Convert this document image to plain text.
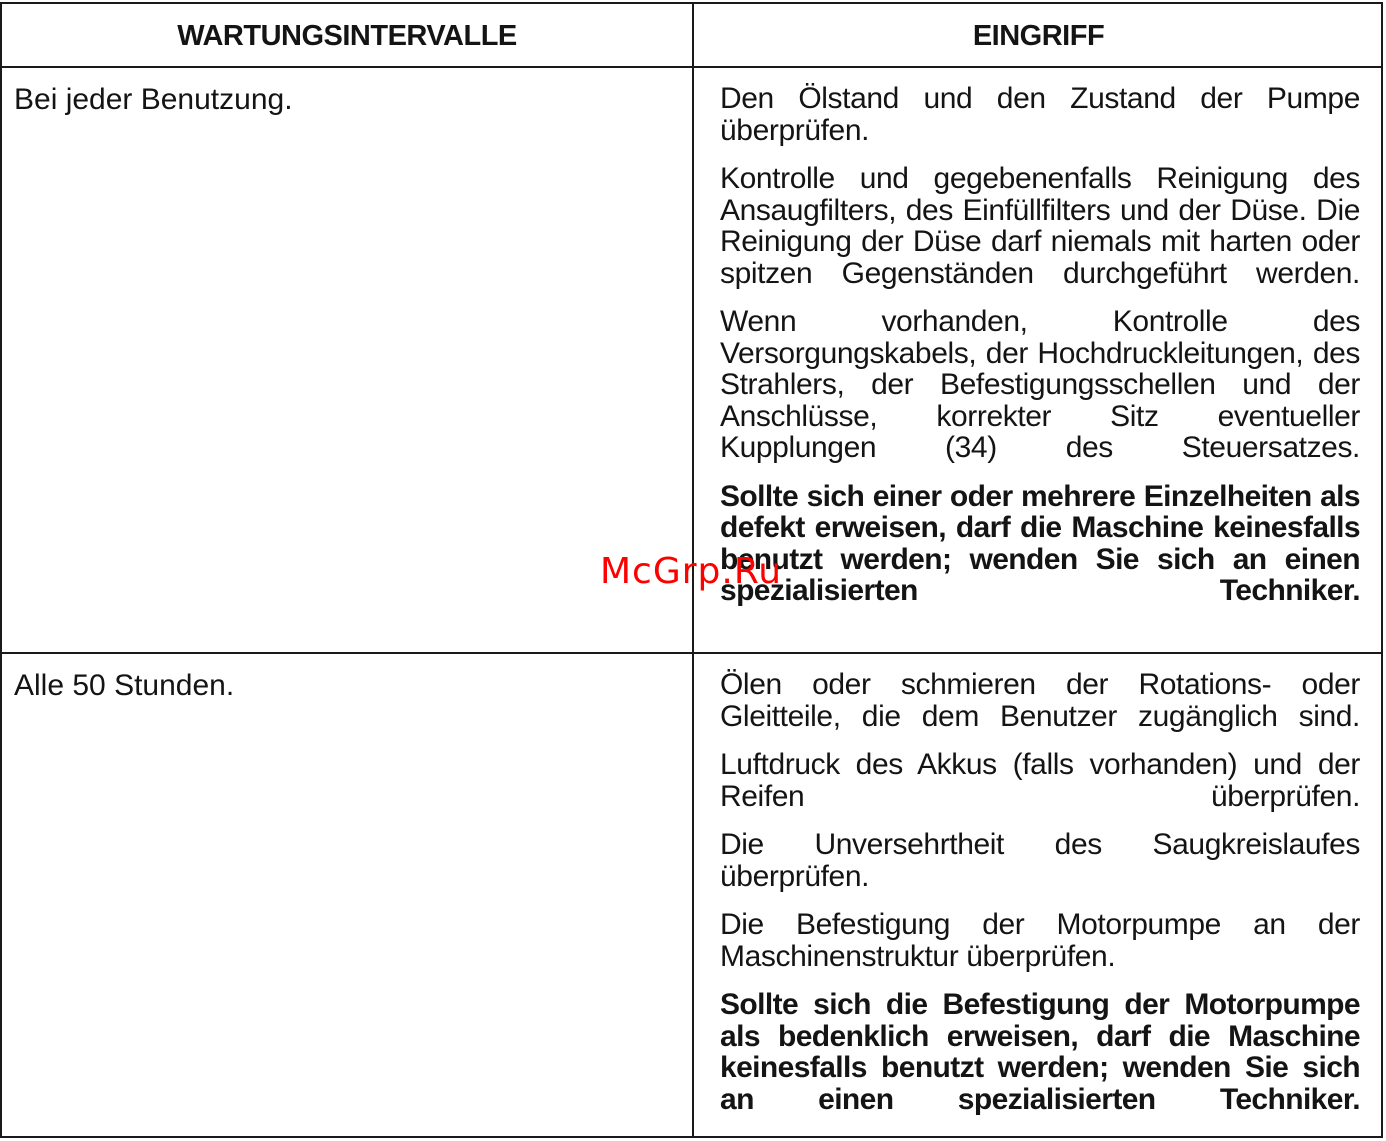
WARTUNGSINTERVALLE	EINGRIFF
Bei jeder Benutzung.	Den Ölstand und den Zustand der Pumpe überprüfen.

Kontrolle und gegebenenfalls Reinigung des Ansaugfilters, des Einfüllfilters und der Düse. Die Reinigung der Düse darf niemals mit harten oder spitzen Gegenständen durchgeführt werden.

Wenn vorhanden, Kontrolle des Versorgungskabels, der Hochdruckleitungen, des Strahlers, der Befestigungsschellen und der Anschlüsse, korrekter Sitz eventueller Kupplungen (34) des Steuersatzes.

Sollte sich einer oder mehrere Einzelheiten als defekt erweisen, darf die Maschine keinesfalls benutzt werden; wenden Sie sich an einen spezialisierten Techniker.

Alle 50 Stunden.	Ölen oder schmieren der Rotations- oder Gleitteile, die dem Benutzer zugänglich sind.

Luftdruck des Akkus (falls vorhanden) und der Reifen überprüfen.

Die Unversehrtheit des Saugkreislaufes überprüfen.

Die Befestigung der Motorpumpe an der Maschinenstruktur überprüfen.

Sollte sich die Befestigung der Motorpumpe als bedenklich erweisen, darf die Maschine keinesfalls benutzt werden; wenden Sie sich an einen spezialisierten Techniker.

McGrp.Ru
